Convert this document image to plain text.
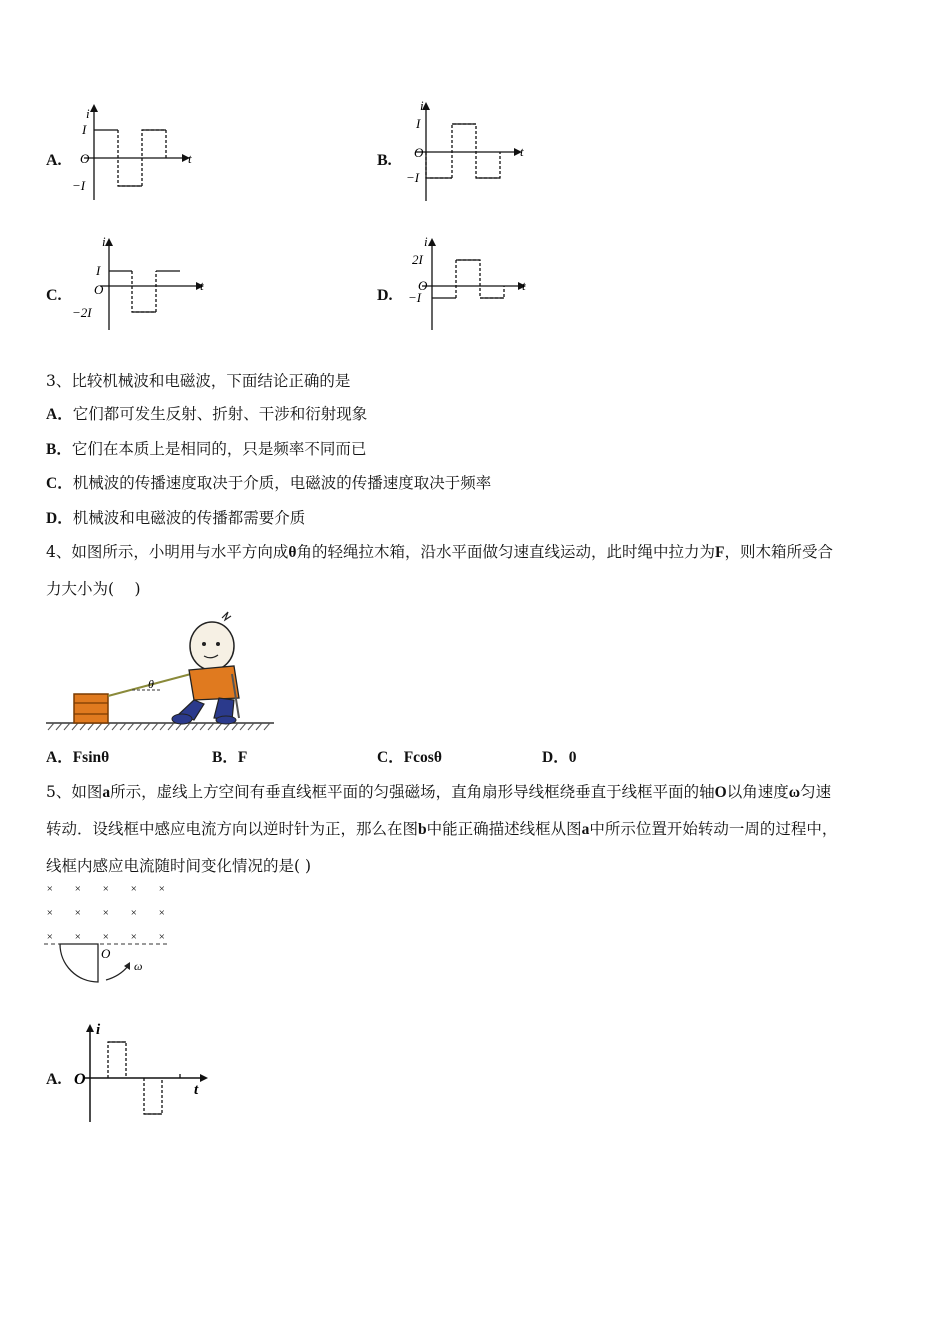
A.
i
I
O	t
−I
B.
i
I
O	t
−I
C.
i
I
O	t
−2I
D.
i
2I
O	t
−I
3、比较机械波和电磁波，下面结论正确的是
A．它们都可发生反射、折射、干涉和衍射现象
B．它们在本质上是相同的，只是频率不同而已
C．机械波的传播速度取决于介质，电磁波的传播速度取决于频率
D．机械波和电磁波的传播都需要介质
4、如图所示，小明用与水平方向成θ角的轻绳拉木箱，沿水平面做匀速直线运动，此时绳中拉力为F，则木箱所受合
力大小为(　 )
θ
A．Fsinθ	B．F	C．Fcosθ	D．0
5、如图a所示，虚线上方空间有垂直线框平面的匀强磁场，直角扇形导线框绕垂直于线框平面的轴O以角速度ω匀速
转动．设线框中感应电流方向以逆时针为正，那么在图b中能正确描述线框从图a中所示位置开始转动一周的过程中，
线框内感应电流随时间变化情况的是( )
× × × × ×
× × × × ×
× × × × ×
O
ω
A.
i
O
t
